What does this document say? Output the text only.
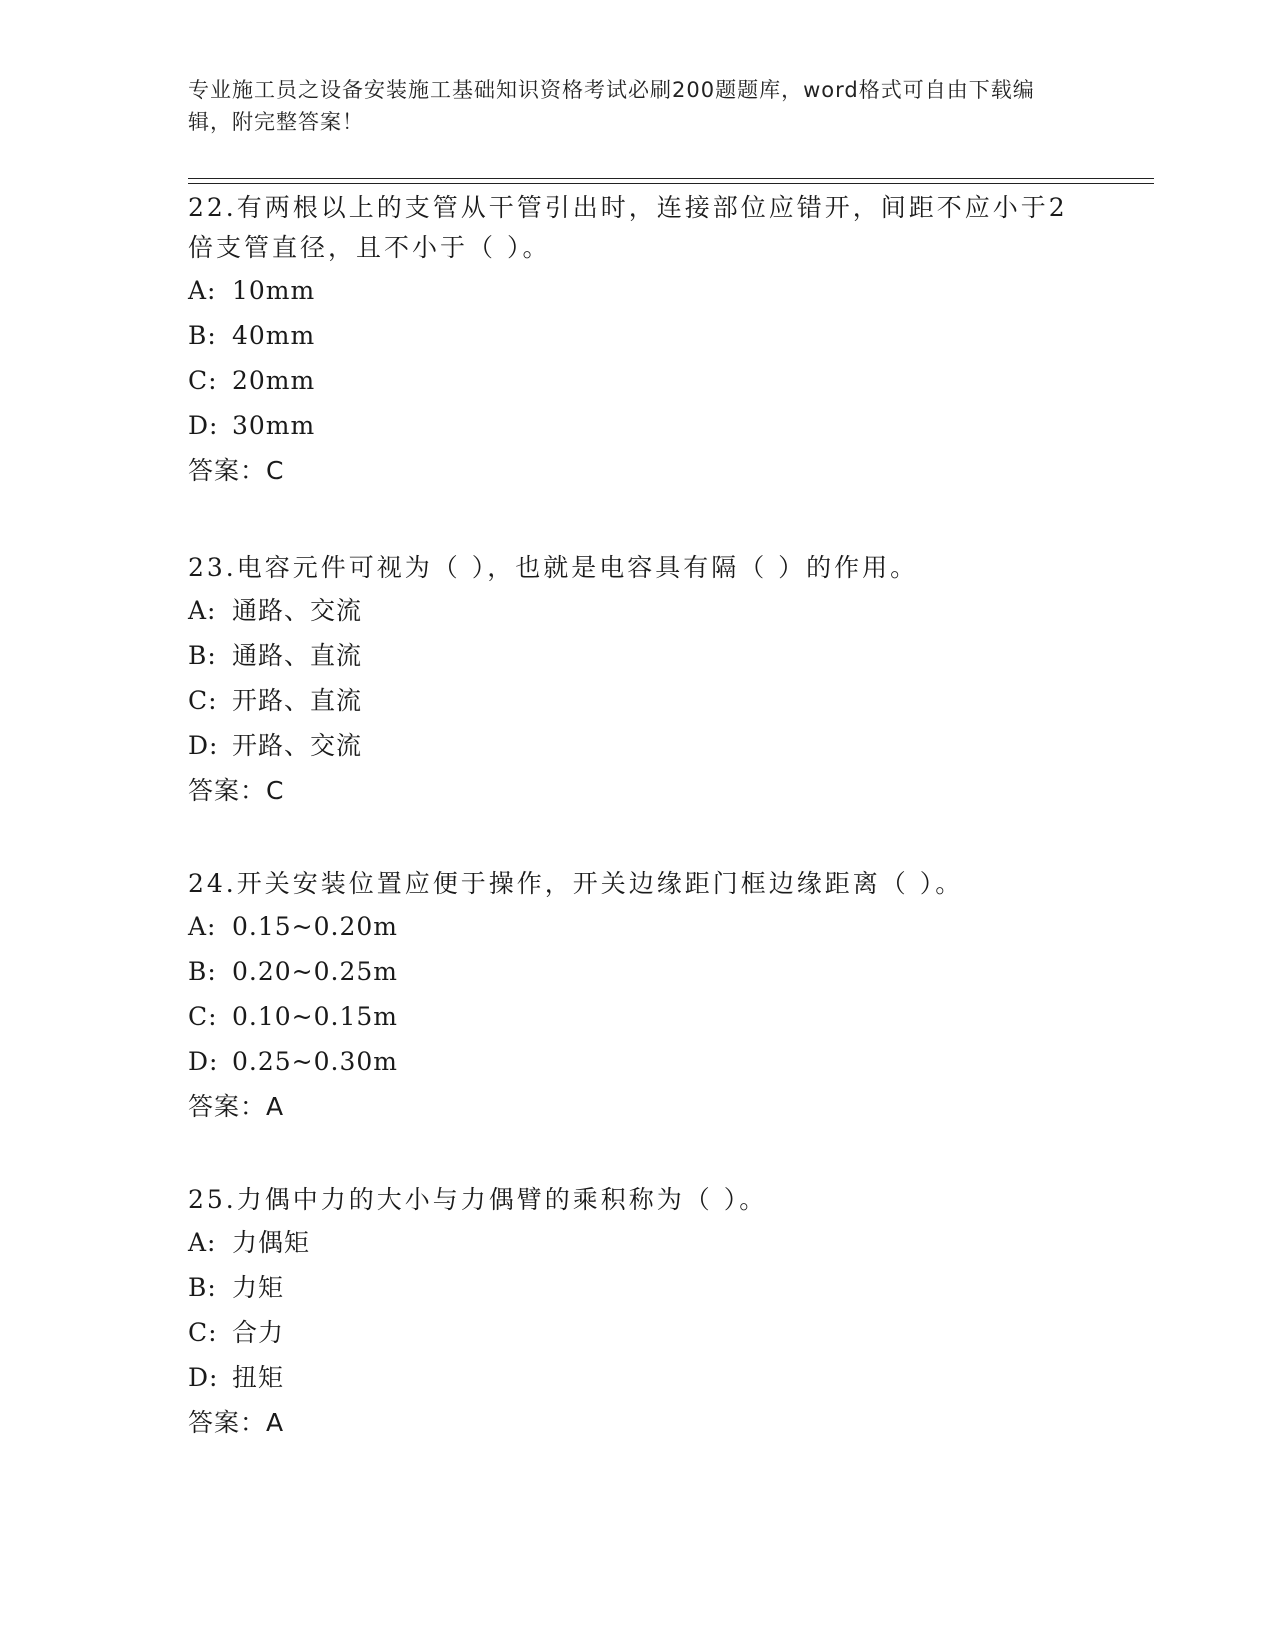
专业施工员之设备安装施工基础知识资格考试必刷200题题库，word格式可自由下载编辑，附完整答案！

22.有两根以上的支管从干管引出时，连接部位应错开，间距不应小于2倍支管直径，且不小于（ ）。

A: 10mm
B: 40mm
C: 20mm
D: 30mm
答案：C

23.电容元件可视为（ ），也就是电容具有隔（ ）的作用。

A: 通路、交流
B: 通路、直流
C: 开路、直流
D: 开路、交流
答案：C

24.开关安装位置应便于操作，开关边缘距门框边缘距离（ ）。

A: 0.15~0.20m
B: 0.20~0.25m
C: 0.10~0.15m
D: 0.25~0.30m
答案：A

25.力偶中力的大小与力偶臂的乘积称为（ ）。

A: 力偶矩
B: 力矩
C: 合力
D: 扭矩
答案：A
